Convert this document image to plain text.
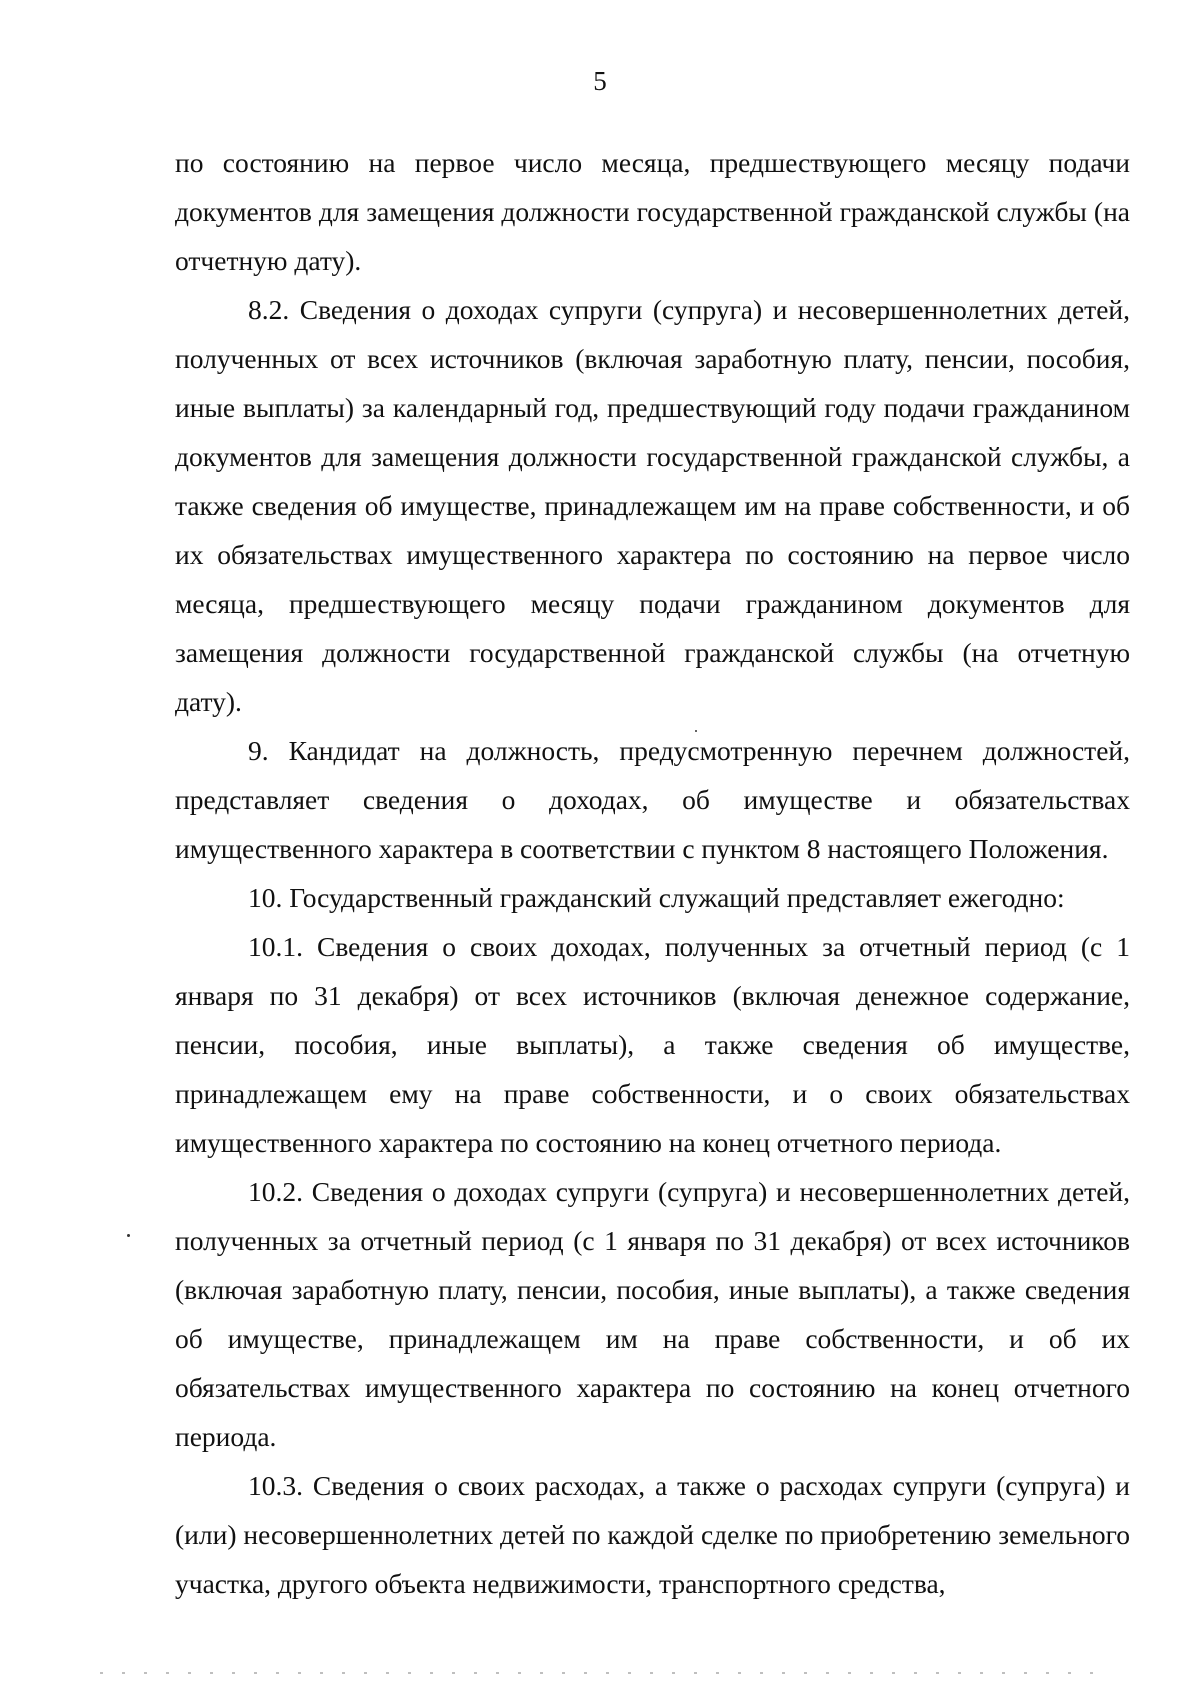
5

по состоянию на первое число месяца, предшествующего месяцу подачи документов для замещения должности государственной гражданской службы (на отчетную дату).

8.2. Сведения о доходах супруги (супруга) и несовершеннолетних детей, полученных от всех источников (включая заработную плату, пенсии, пособия, иные выплаты) за календарный год, предшествующий году подачи гражданином документов для замещения должности государственной гражданской службы, а также сведения об имуществе, принадлежащем им на праве собственности, и об их обязательствах имущественного характера по состоянию на первое число месяца, предшествующего месяцу подачи гражданином документов для замещения должности государственной гражданской службы (на отчетную дату).

9. Кандидат на должность, предусмотренную перечнем должностей, представляет сведения о доходах, об имуществе и обязательствах имущественного характера в соответствии с пунктом 8 настоящего Положения.

10. Государственный гражданский служащий представляет ежегодно:

10.1. Сведения о своих доходах, полученных за отчетный период (с 1 января по 31 декабря) от всех источников (включая денежное содержание, пенсии, пособия, иные выплаты), а также сведения об имуществе, принадлежащем ему на праве собственности, и о своих обязательствах имущественного характера по состоянию на конец отчетного периода.

10.2. Сведения о доходах супруги (супруга) и несовершеннолетних детей, полученных за отчетный период (с 1 января по 31 декабря) от всех источников (включая заработную плату, пенсии, пособия, иные выплаты), а также сведения об имуществе, принадлежащем им на праве собственности, и об их обязательствах имущественного характера по состоянию на конец отчетного периода.

10.3. Сведения о своих расходах, а также о расходах супруги (супруга) и (или) несовершеннолетних детей по каждой сделке по приобретению земельного участка, другого объекта недвижимости, транспортного средства,
